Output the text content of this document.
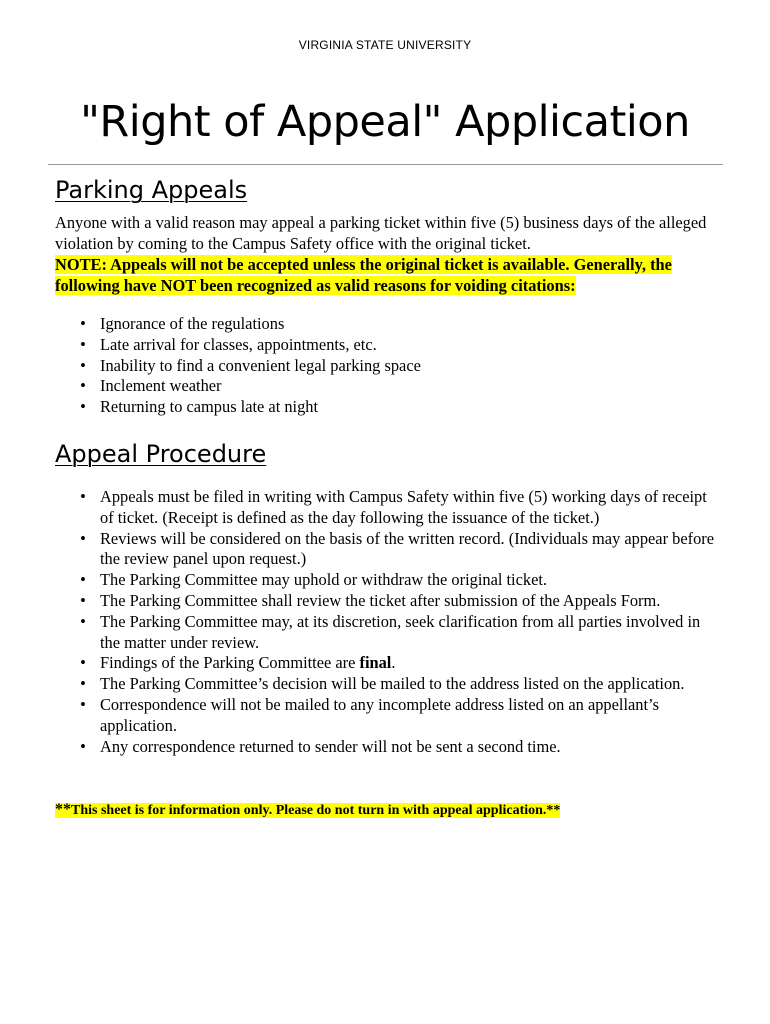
VIRGINIA STATE UNIVERSITY
"Right of Appeal" Application
Parking Appeals
Anyone with a valid reason may appeal a parking ticket within five (5) business days of the alleged violation by coming to the Campus Safety office with the original ticket.
NOTE: Appeals will not be accepted unless the original ticket is available. Generally, the following have NOT been recognized as valid reasons for voiding citations:
• Ignorance of the regulations
• Late arrival for classes, appointments, etc.
• Inability to find a convenient legal parking space
• Inclement weather
• Returning to campus late at night
Appeal Procedure
• Appeals must be filed in writing with Campus Safety within five (5) working days of receipt of ticket. (Receipt is defined as the day following the issuance of the ticket.)
• Reviews will be considered on the basis of the written record. (Individuals may appear before the review panel upon request.)
• The Parking Committee may uphold or withdraw the original ticket.
• The Parking Committee shall review the ticket after submission of the Appeals Form.
• The Parking Committee may, at its discretion, seek clarification from all parties involved in the matter under review.
• Findings of the Parking Committee are final.
• The Parking Committee’s decision will be mailed to the address listed on the application.
• Correspondence will not be mailed to any incomplete address listed on an appellant’s application.
• Any correspondence returned to sender will not be sent a second time.
**This sheet is for information only. Please do not turn in with appeal application.**
